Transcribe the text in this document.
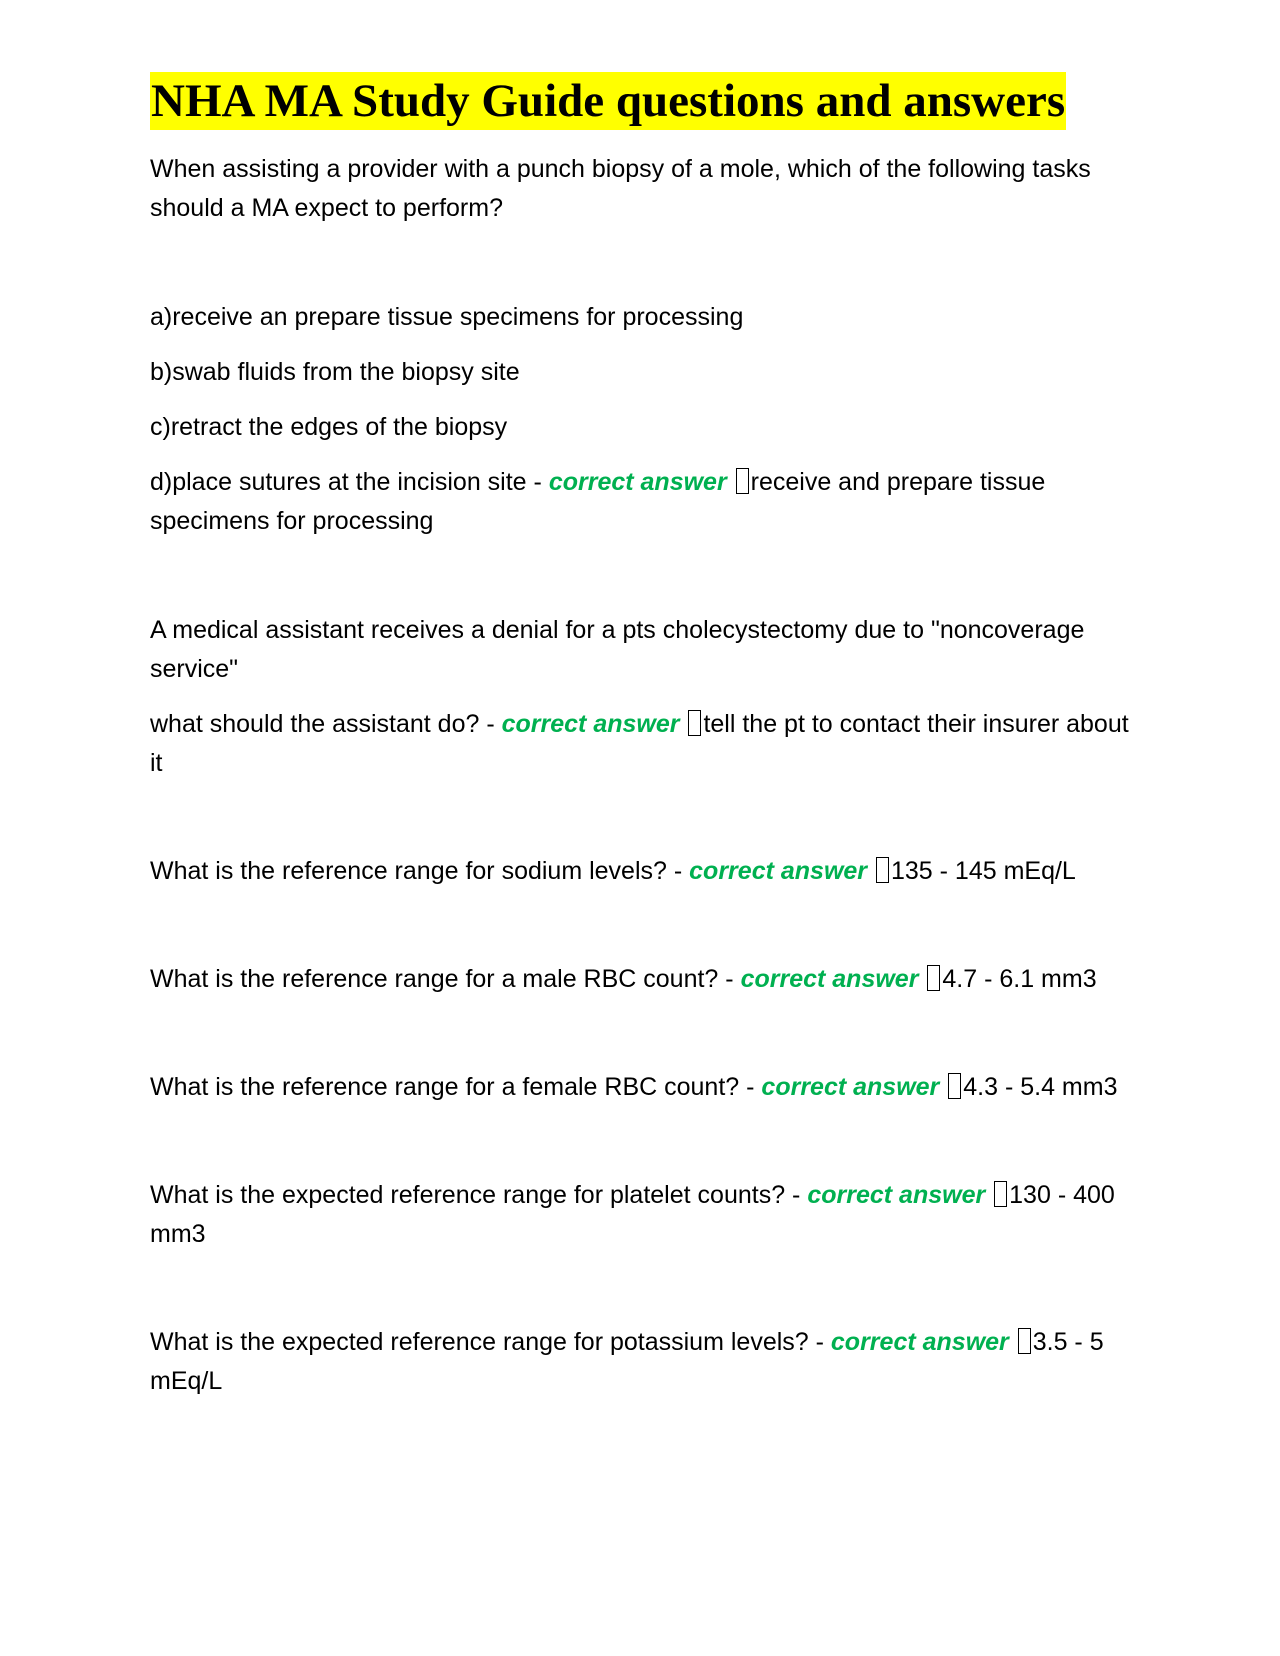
NHA MA Study Guide questions and answers

When assisting a provider with a punch biopsy of a mole, which of the following tasks should a MA expect to perform?

a)receive an prepare tissue specimens for processing

b)swab fluids from the biopsy site

c)retract the edges of the biopsy

d)place sutures at the incision site - correct answer receive and prepare tissue specimens for processing

A medical assistant receives a denial for a pts cholecystectomy due to "noncoverage service"

what should the assistant do? - correct answer tell the pt to contact their insurer about it

What is the reference range for sodium levels? - correct answer 135 - 145 mEq/L

What is the reference range for a male RBC count? - correct answer 4.7 - 6.1 mm3

What is the reference range for a female RBC count? - correct answer 4.3 - 5.4 mm3

What is the expected reference range for platelet counts? - correct answer 130 - 400 mm3

What is the expected reference range for potassium levels? - correct answer 3.5 - 5 mEq/L
